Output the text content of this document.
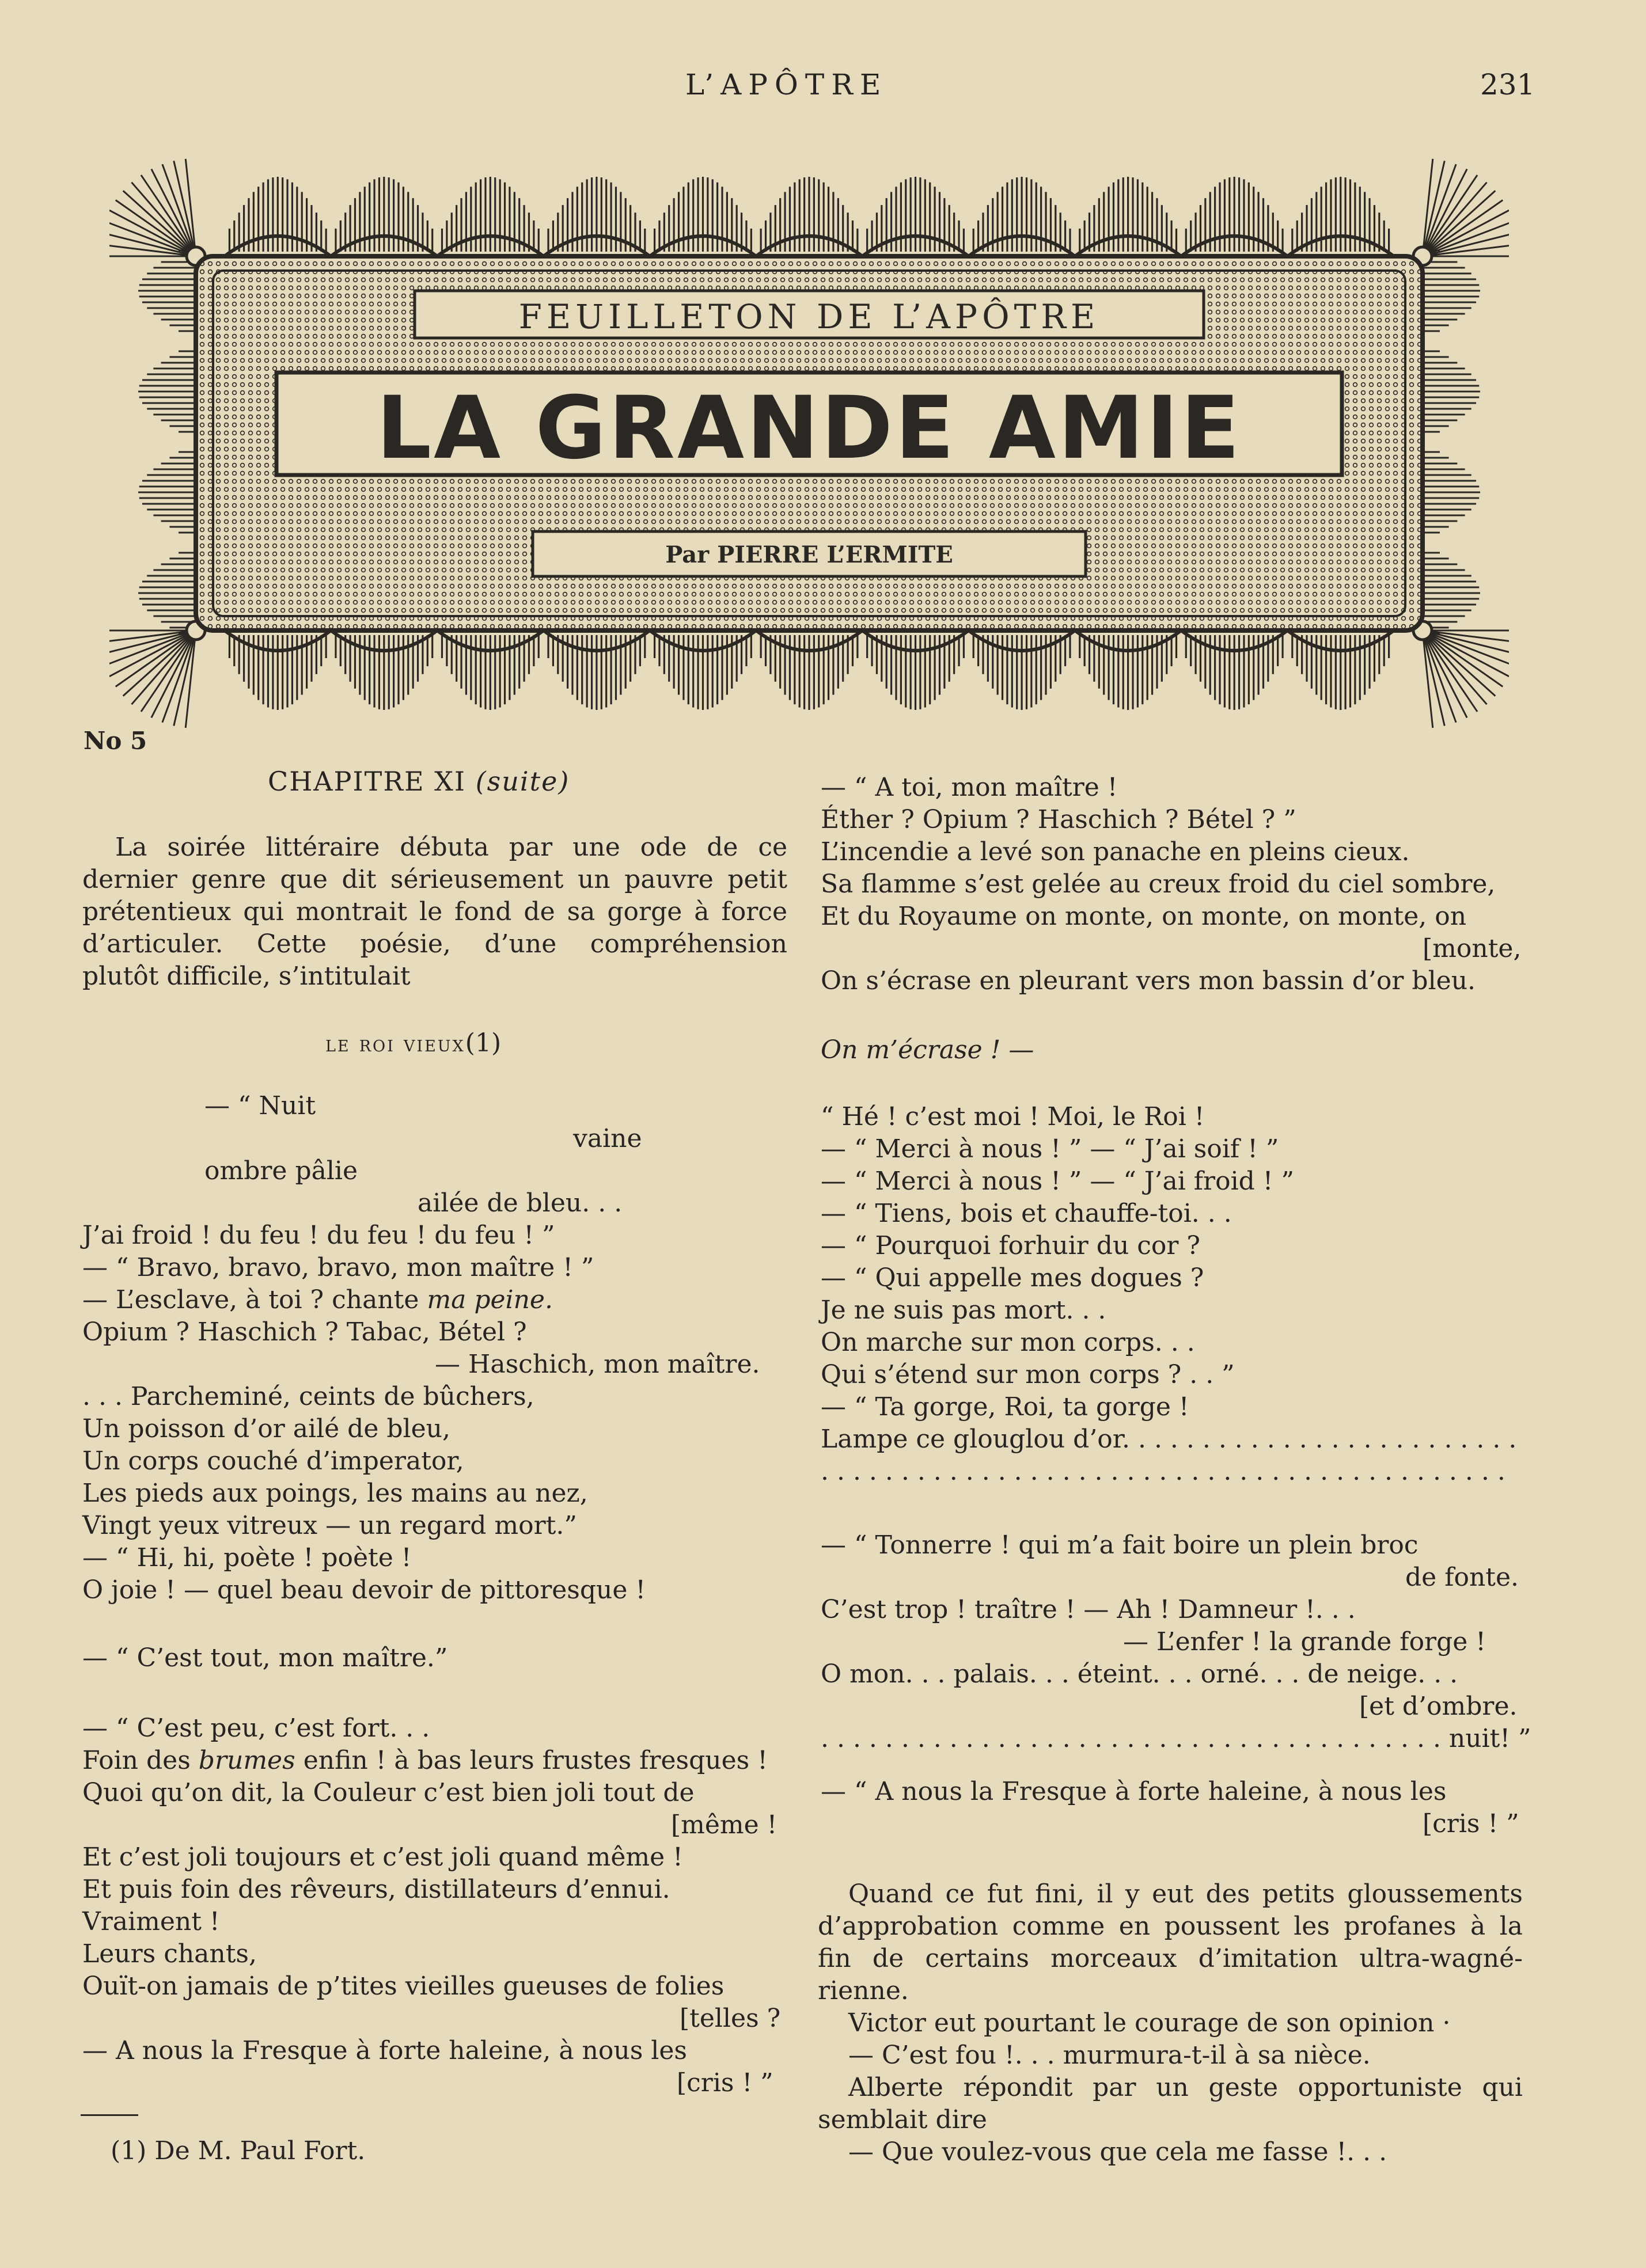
L’APÔTRE	231
FEUILLETON DE L’APÔTRE
LA GRANDE AMIE
Par PIERRE L’ERMITE
No 5
CHAPITRE XI (suite)
La soirée littéraire débuta par une ode de ce
dernier genre que dit sérieusement un pauvre petit
prétentieux qui montrait le fond de sa gorge à force
d’articuler. Cette poésie, d’une compréhension
plutôt difficile, s’intitulait
le roi vieux(1)
— “ Nuit
vaine
ombre pâlie
ailée de bleu. . .
J’ai froid ! du feu ! du feu ! du feu ! ”
— “ Bravo, bravo, bravo, mon maître ! ”
— L’esclave, à toi ? chante ma peine.
Opium ? Haschich ? Tabac, Bétel ?
— Haschich, mon maître.
. . . Parcheminé, ceints de bûchers,
Un poisson d’or ailé de bleu,
Un corps couché d’imperator,
Les pieds aux poings, les mains au nez,
Vingt yeux vitreux — un regard mort.”
— “ Hi, hi, poète ! poète !
O joie ! — quel beau devoir de pittoresque !
— “ C’est tout, mon maître.”
— “ C’est peu, c’est fort. . .
Foin des brumes enfin ! à bas leurs frustes fresques !
Quoi qu’on dit, la Couleur c’est bien joli tout de
[même !
Et c’est joli toujours et c’est joli quand même !
Et puis foin des rêveurs, distillateurs d’ennui.
Vraiment !
Leurs chants,
Ouït-on jamais de p’tites vieilles gueuses de folies
[telles ?
— A nous la Fresque à forte haleine, à nous les
[cris ! ”
(1) De M. Paul Fort.
— “ A toi, mon maître !
Éther ? Opium ? Haschich ? Bétel ? ”
L’incendie a levé son panache en pleins cieux.
Sa flamme s’est gelée au creux froid du ciel sombre,
Et du Royaume on monte, on monte, on monte, on
[monte,
On s’écrase en pleurant vers mon bassin d’or bleu.
On m’écrase ! —
“ Hé ! c’est moi ! Moi, le Roi !
— “ Merci à nous ! ” — “ J’ai soif ! ”
— “ Merci à nous ! ” — “ J’ai froid ! ”
— “ Tiens, bois et chauffe-toi. . .
— “ Pourquoi forhuir du cor ?
— “ Qui appelle mes dogues ?
Je ne suis pas mort. . .
On marche sur mon corps. . .
Qui s’étend sur mon corps ? . . ”
— “ Ta gorge, Roi, ta gorge !
Lampe ce glouglou d’or. . . . . . . . . . . . . . . . . . . . . . . . .
. . . . . . . . . . . . . . . . . . . . . . . . . . . . . . . . . . . . . . . . . . .
— “ Tonnerre ! qui m’a fait boire un plein broc
de fonte.
C’est trop ! traître ! — Ah ! Damneur !. . .
— L’enfer ! la grande forge !
O mon. . . palais. . . éteint. . . orné. . . de neige. . .
[et d’ombre.
. . . . . . . . . . . . . . . . . . . . . . . . . . . . . . . . . . . . . . . nuit! ”
— “ A nous la Fresque à forte haleine, à nous les
[cris ! ”
Quand ce fut fini, il y eut des petits gloussements
d’approbation comme en poussent les profanes à la
fin de certains morceaux d’imitation ultra-wagné-
rienne.
Victor eut pourtant le courage de son opinion ·
— C’est fou !. . . murmura-t-il à sa nièce.
Alberte répondit par un geste opportuniste qui
semblait dire
— Que voulez-vous que cela me fasse !. . .
